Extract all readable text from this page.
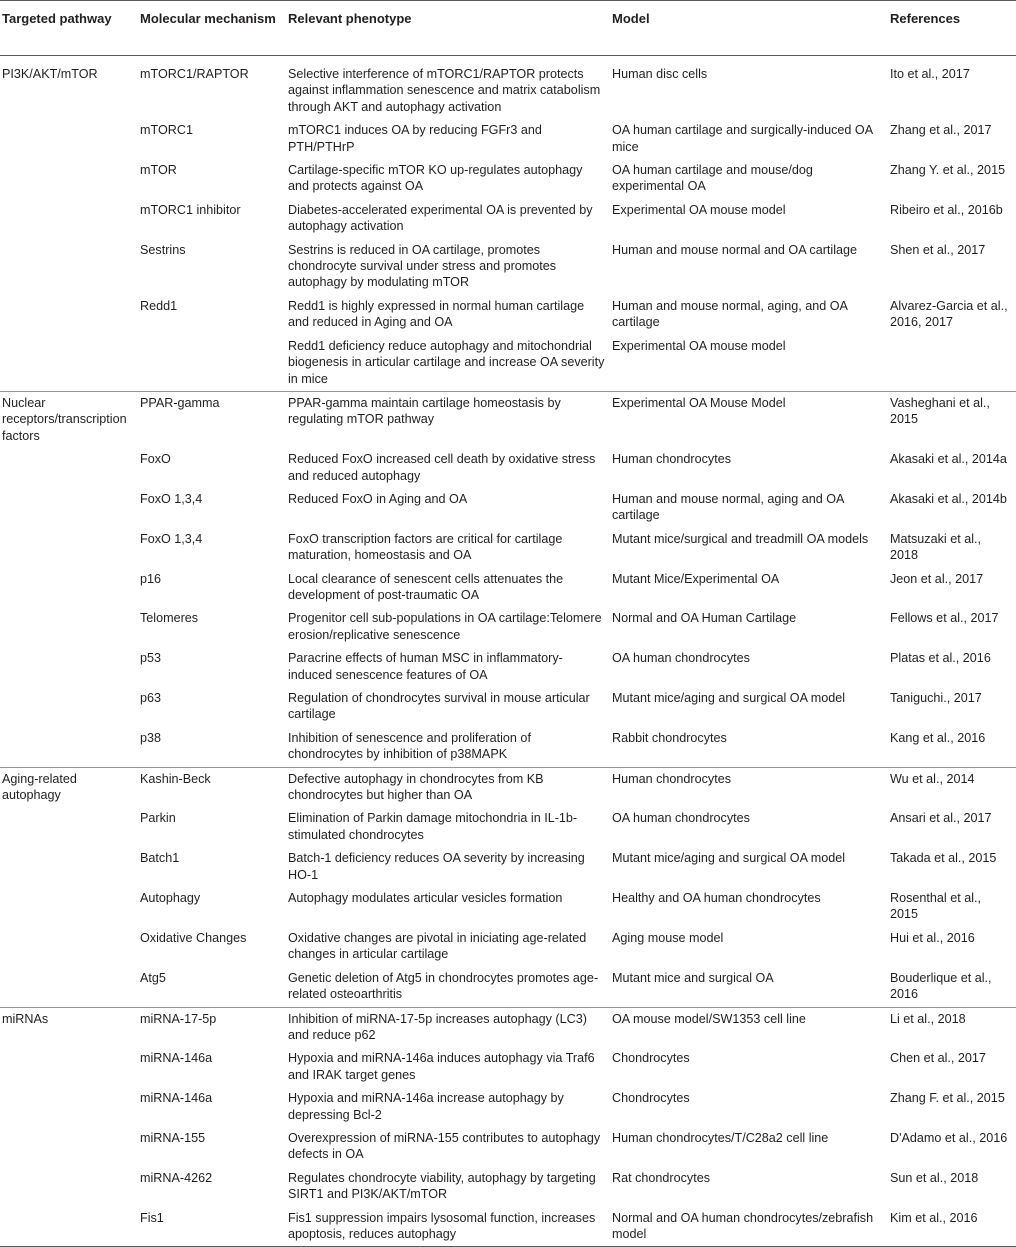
Targeted pathway	Molecular mechanism	Relevant phenotype	Model	References
PI3K/AKT/mTOR	mTORC1/RAPTOR	Selective interference of mTORC1/RAPTOR protects against inflammation senescence and matrix catabolism through AKT and autophagy activation	Human disc cells	Ito et al., 2017
	mTORC1	mTORC1 induces OA by reducing FGFr3 and PTH/PTHrP	OA human cartilage and surgically-induced OA mice	Zhang et al., 2017
	mTOR	Cartilage-specific mTOR KO up-regulates autophagy and protects against OA	OA human cartilage and mouse/dog experimental OA	Zhang Y. et al., 2015
	mTORC1 inhibitor	Diabetes-accelerated experimental OA is prevented by autophagy activation	Experimental OA mouse model	Ribeiro et al., 2016b
	Sestrins	Sestrins is reduced in OA cartilage, promotes chondrocyte survival under stress and promotes autophagy by modulating mTOR	Human and mouse normal and OA cartilage	Shen et al., 2017
	Redd1	Redd1 is highly expressed in normal human cartilage and reduced in Aging and OA	Human and mouse normal, aging, and OA cartilage	Alvarez-Garcia et al., 2016, 2017
		Redd1 deficiency reduce autophagy and mitochondrial biogenesis in articular cartilage and increase OA severity in mice	Experimental OA mouse model	
Nuclear receptors/transcription factors	PPAR-gamma	PPAR-gamma maintain cartilage homeostasis by regulating mTOR pathway	Experimental OA Mouse Model	Vasheghani et al., 2015
	FoxO	Reduced FoxO increased cell death by oxidative stress and reduced autophagy	Human chondrocytes	Akasaki et al., 2014a
	FoxO 1,3,4	Reduced FoxO in Aging and OA	Human and mouse normal, aging and OA cartilage	Akasaki et al., 2014b
	FoxO 1,3,4	FoxO transcription factors are critical for cartilage maturation, homeostasis and OA	Mutant mice/surgical and treadmill OA models	Matsuzaki et al., 2018
	p16	Local clearance of senescent cells attenuates the development of post-traumatic OA	Mutant Mice/Experimental OA	Jeon et al., 2017
	Telomeres	Progenitor cell sub-populations in OA cartilage:Telomere erosion/replicative senescence	Normal and OA Human Cartilage	Fellows et al., 2017
	p53	Paracrine effects of human MSC in inflammatory-induced senescence features of OA	OA human chondrocytes	Platas et al., 2016
	p63	Regulation of chondrocytes survival in mouse articular cartilage	Mutant mice/aging and surgical OA model	Taniguchi., 2017
	p38	Inhibition of senescence and proliferation of chondrocytes by inhibition of p38MAPK	Rabbit chondrocytes	Kang et al., 2016
Aging-related autophagy	Kashin-Beck	Defective autophagy in chondrocytes from KB chondrocytes but higher than OA	Human chondrocytes	Wu et al., 2014
	Parkin	Elimination of Parkin damage mitochondria in IL-1b-stimulated chondrocytes	OA human chondrocytes	Ansari et al., 2017
	Batch1	Batch-1 deficiency reduces OA severity by increasing HO-1	Mutant mice/aging and surgical OA model	Takada et al., 2015
	Autophagy	Autophagy modulates articular vesicles formation	Healthy and OA human chondrocytes	Rosenthal et al., 2015
	Oxidative Changes	Oxidative changes are pivotal in iniciating age-related changes in articular cartilage	Aging mouse model	Hui et al., 2016
	Atg5	Genetic deletion of Atg5 in chondrocytes promotes age-related osteoarthritis	Mutant mice and surgical OA	Bouderlique et al., 2016
miRNAs	miRNA-17-5p	Inhibition of miRNA-17-5p increases autophagy (LC3) and reduce p62	OA mouse model/SW1353 cell line	Li et al., 2018
	miRNA-146a	Hypoxia and miRNA-146a induces autophagy via Traf6 and IRAK target genes	Chondrocytes	Chen et al., 2017
	miRNA-146a	Hypoxia and miRNA-146a increase autophagy by depressing Bcl-2	Chondrocytes	Zhang F. et al., 2015
	miRNA-155	Overexpression of miRNA-155 contributes to autophagy defects in OA	Human chondrocytes/T/C28a2 cell line	D'Adamo et al., 2016
	miRNA-4262	Regulates chondrocyte viability, autophagy by targeting SIRT1 and PI3K/AKT/mTOR	Rat chondrocytes	Sun et al., 2018
	Fis1	Fis1 suppression impairs lysosomal function, increases apoptosis, reduces autophagy	Normal and OA human chondrocytes/zebrafish model	Kim et al., 2016
